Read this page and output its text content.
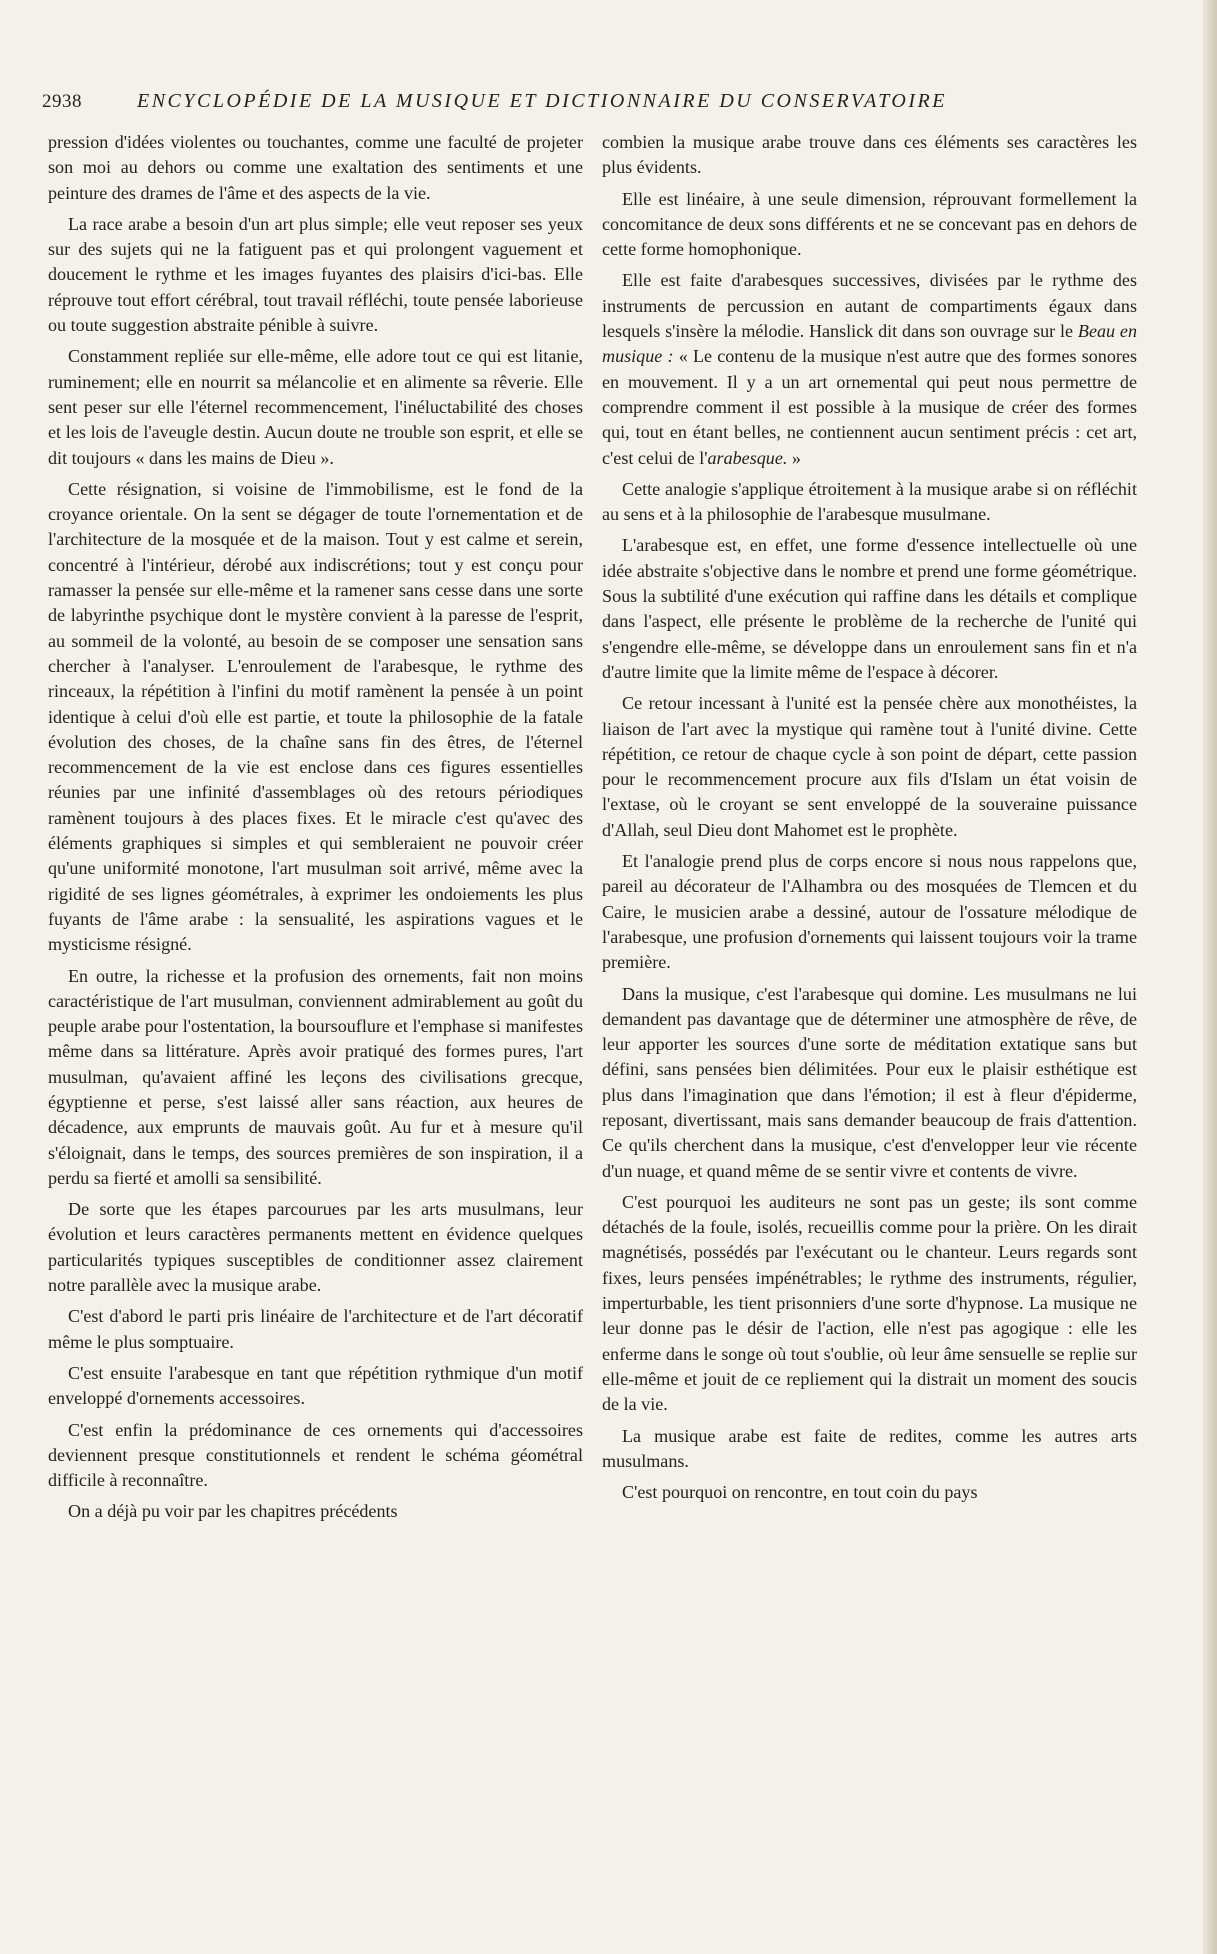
2938	ENCYCLOPÉDIE DE LA MUSIQUE ET DICTIONNAIRE DU CONSERVATOIRE

pression d'idées violentes ou touchantes, comme une faculté de projeter son moi au dehors ou comme une exaltation des sentiments et une peinture des drames de l'âme et des aspects de la vie.

La race arabe a besoin d'un art plus simple; elle veut reposer ses yeux sur des sujets qui ne la fatiguent pas et qui prolongent vaguement et doucement le rythme et les images fuyantes des plaisirs d'ici-bas. Elle réprouve tout effort cérébral, tout travail réfléchi, toute pensée laborieuse ou toute suggestion abstraite pénible à suivre.

Constamment repliée sur elle-même, elle adore tout ce qui est litanie, ruminement; elle en nourrit sa mélancolie et en alimente sa rêverie. Elle sent peser sur elle l'éternel recommencement, l'inéluctabilité des choses et les lois de l'aveugle destin. Aucun doute ne trouble son esprit, et elle se dit toujours « dans les mains de Dieu ».

Cette résignation, si voisine de l'immobilisme, est le fond de la croyance orientale. On la sent se dégager de toute l'ornementation et de l'architecture de la mosquée et de la maison. Tout y est calme et serein, concentré à l'intérieur, dérobé aux indiscrétions; tout y est conçu pour ramasser la pensée sur elle-même et la ramener sans cesse dans une sorte de labyrinthe psychique dont le mystère convient à la paresse de l'esprit, au sommeil de la volonté, au besoin de se composer une sensation sans chercher à l'analyser. L'enroulement de l'arabesque, le rythme des rinceaux, la répétition à l'infini du motif ramènent la pensée à un point identique à celui d'où elle est partie, et toute la philosophie de la fatale évolution des choses, de la chaîne sans fin des êtres, de l'éternel recommencement de la vie est enclose dans ces figures essentielles réunies par une infinité d'assemblages où des retours périodiques ramènent toujours à des places fixes. Et le miracle c'est qu'avec des éléments graphiques si simples et qui sembleraient ne pouvoir créer qu'une uniformité monotone, l'art musulman soit arrivé, même avec la rigidité de ses lignes géométrales, à exprimer les ondoiements les plus fuyants de l'âme arabe : la sensualité, les aspirations vagues et le mysticisme résigné.

En outre, la richesse et la profusion des ornements, fait non moins caractéristique de l'art musulman, conviennent admirablement au goût du peuple arabe pour l'ostentation, la boursouflure et l'emphase si manifestes même dans sa littérature. Après avoir pratiqué des formes pures, l'art musulman, qu'avaient affiné les leçons des civilisations grecque, égyptienne et perse, s'est laissé aller sans réaction, aux heures de décadence, aux emprunts de mauvais goût. Au fur et à mesure qu'il s'éloignait, dans le temps, des sources premières de son inspiration, il a perdu sa fierté et amolli sa sensibilité.

De sorte que les étapes parcourues par les arts musulmans, leur évolution et leurs caractères permanents mettent en évidence quelques particularités typiques susceptibles de conditionner assez clairement notre parallèle avec la musique arabe.

C'est d'abord le parti pris linéaire de l'architecture et de l'art décoratif même le plus somptuaire.

C'est ensuite l'arabesque en tant que répétition rythmique d'un motif enveloppé d'ornements accessoires.

C'est enfin la prédominance de ces ornements qui d'accessoires deviennent presque constitutionnels et rendent le schéma géométral difficile à reconnaître.

On a déjà pu voir par les chapitres précédents

combien la musique arabe trouve dans ces éléments ses caractères les plus évidents.

Elle est linéaire, à une seule dimension, réprouvant formellement la concomitance de deux sons différents et ne se concevant pas en dehors de cette forme homophonique.

Elle est faite d'arabesques successives, divisées par le rythme des instruments de percussion en autant de compartiments égaux dans lesquels s'insère la mélodie. Hanslick dit dans son ouvrage sur le Beau en musique : « Le contenu de la musique n'est autre que des formes sonores en mouvement. Il y a un art ornemental qui peut nous permettre de comprendre comment il est possible à la musique de créer des formes qui, tout en étant belles, ne contiennent aucun sentiment précis : cet art, c'est celui de l'arabesque. »

Cette analogie s'applique étroitement à la musique arabe si on réfléchit au sens et à la philosophie de l'arabesque musulmane.

L'arabesque est, en effet, une forme d'essence intellectuelle où une idée abstraite s'objective dans le nombre et prend une forme géométrique. Sous la subtilité d'une exécution qui raffine dans les détails et complique dans l'aspect, elle présente le problème de la recherche de l'unité qui s'engendre elle-même, se développe dans un enroulement sans fin et n'a d'autre limite que la limite même de l'espace à décorer.

Ce retour incessant à l'unité est la pensée chère aux monothéistes, la liaison de l'art avec la mystique qui ramène tout à l'unité divine. Cette répétition, ce retour de chaque cycle à son point de départ, cette passion pour le recommencement procure aux fils d'Islam un état voisin de l'extase, où le croyant se sent enveloppé de la souveraine puissance d'Allah, seul Dieu dont Mahomet est le prophète.

Et l'analogie prend plus de corps encore si nous nous rappelons que, pareil au décorateur de l'Alhambra ou des mosquées de Tlemcen et du Caire, le musicien arabe a dessiné, autour de l'ossature mélodique de l'arabesque, une profusion d'ornements qui laissent toujours voir la trame première.

Dans la musique, c'est l'arabesque qui domine. Les musulmans ne lui demandent pas davantage que de déterminer une atmosphère de rêve, de leur apporter les sources d'une sorte de méditation extatique sans but défini, sans pensées bien délimitées. Pour eux le plaisir esthétique est plus dans l'imagination que dans l'émotion; il est à fleur d'épiderme, reposant, divertissant, mais sans demander beaucoup de frais d'attention. Ce qu'ils cherchent dans la musique, c'est d'envelopper leur vie récente d'un nuage, et quand même de se sentir vivre et contents de vivre.

C'est pourquoi les auditeurs ne sont pas un geste; ils sont comme détachés de la foule, isolés, recueillis comme pour la prière. On les dirait magnétisés, possédés par l'exécutant ou le chanteur. Leurs regards sont fixes, leurs pensées impénétrables; le rythme des instruments, régulier, imperturbable, les tient prisonniers d'une sorte d'hypnose. La musique ne leur donne pas le désir de l'action, elle n'est pas agogique : elle les enferme dans le songe où tout s'oublie, où leur âme sensuelle se replie sur elle-même et jouit de ce repliement qui la distrait un moment des soucis de la vie.

La musique arabe est faite de redites, comme les autres arts musulmans.

C'est pourquoi on rencontre, en tout coin du pays
